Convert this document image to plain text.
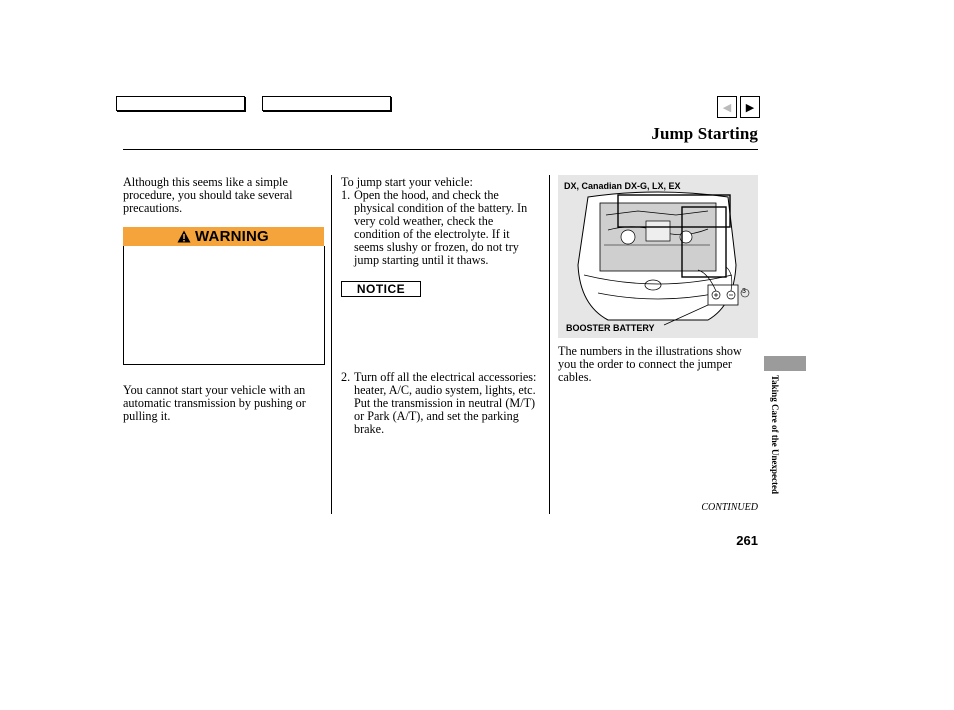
◀ ▶
Jump Starting
Although this seems like a simple procedure, you should take several precautions.
WARNING
You cannot start your vehicle with an automatic transmission by pushing or pulling it.
To jump start your vehicle:
1. Open the hood, and check the physical condition of the battery. In very cold weather, check the condition of the electrolyte. If it seems slushy or frozen, do not try jump starting until it thaws.
NOTICE
2. Turn off all the electrical accessories: heater, A/C, audio system, lights, etc. Put the transmission in neutral (M/T) or Park (A/T), and set the parking brake.
DX, Canadian DX-G, LX, EX
3
BOOSTER BATTERY
The numbers in the illustrations show you the order to connect the jumper cables.	Taking Care of the Unexpected
CONTINUED
261
